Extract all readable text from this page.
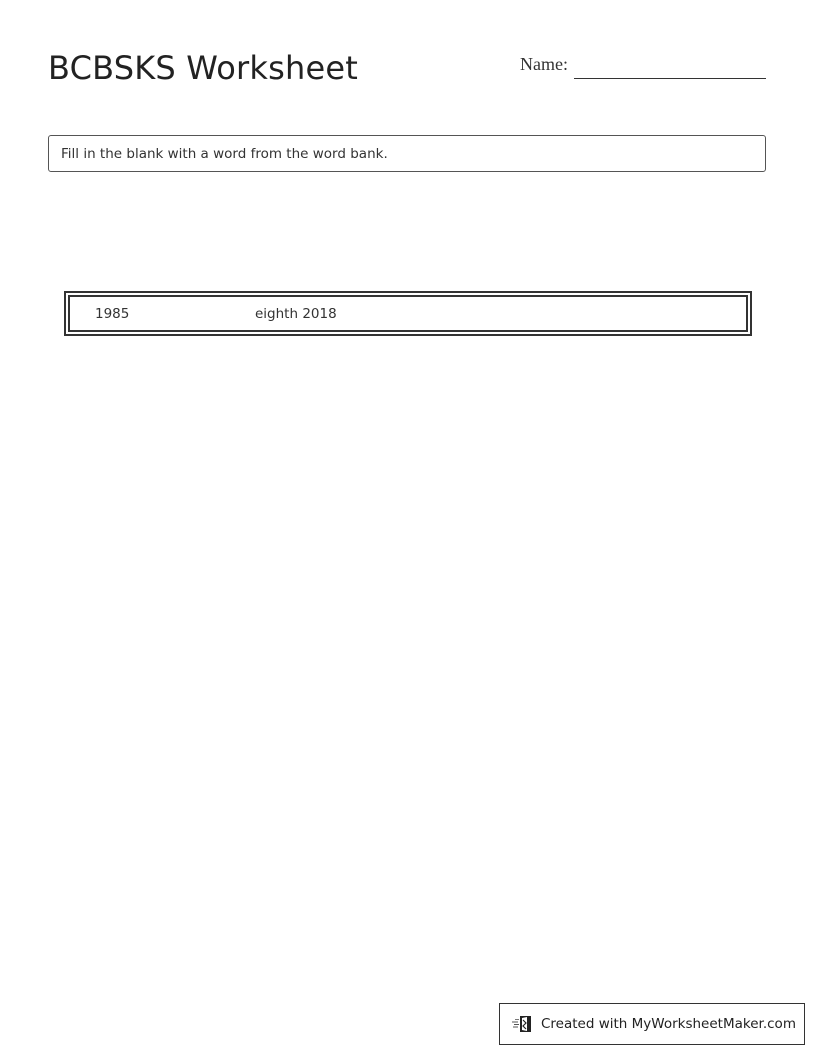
BCBSKS Worksheet	Name:
Fill in the blank with a word from the word bank.
1985	eighth 2018
Created with MyWorksheetMaker.com
